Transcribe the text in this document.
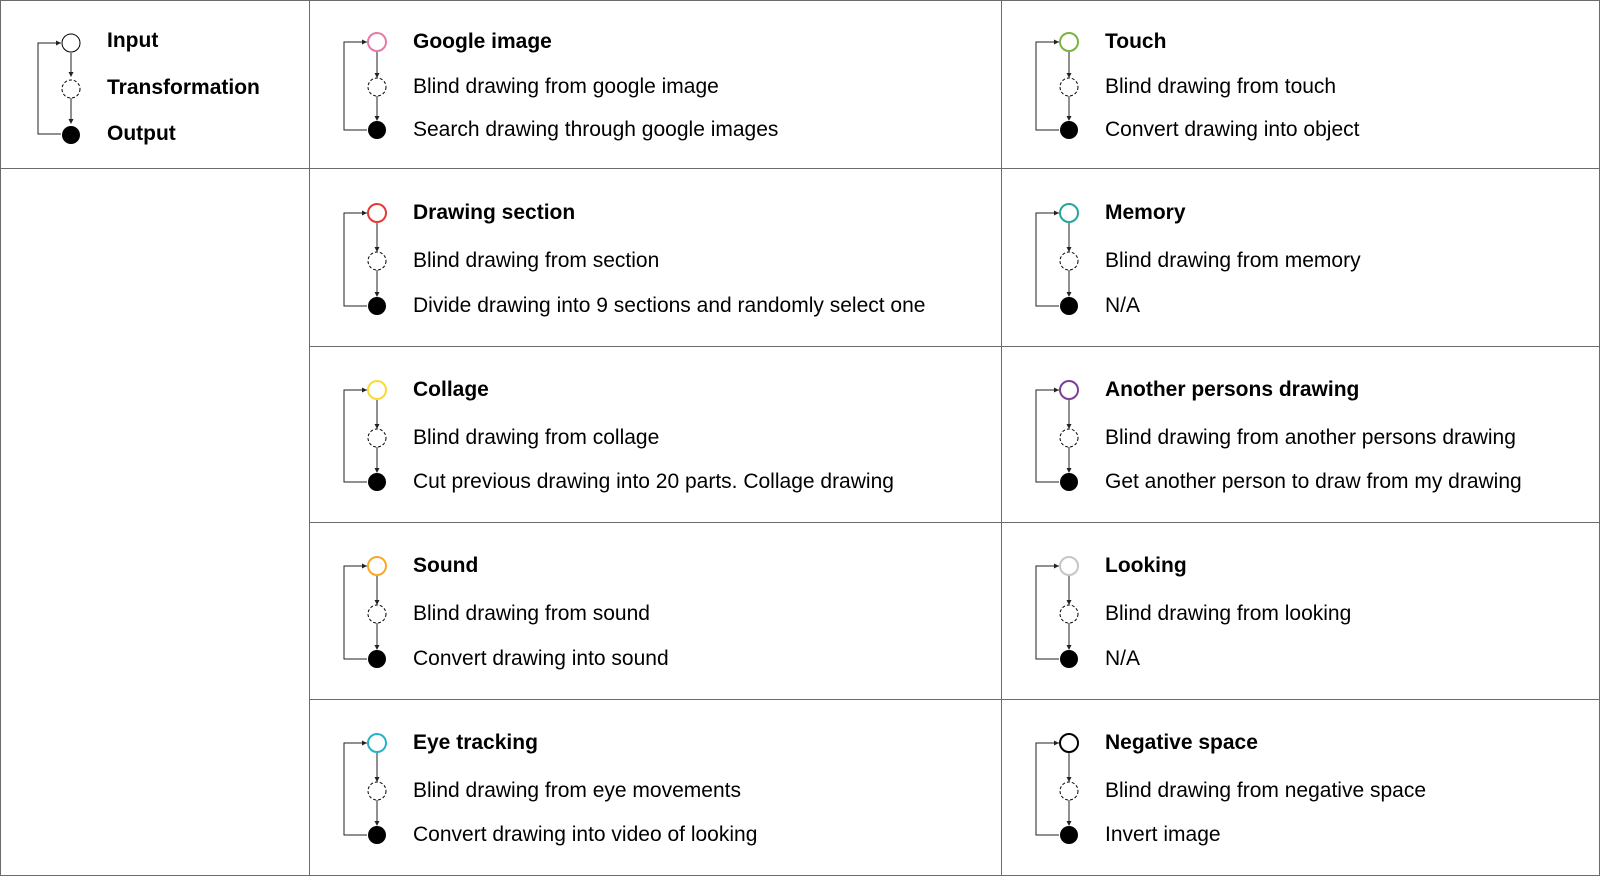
Input
Transformation
Output
Google image
Blind drawing from google image
Search drawing through google images
Touch
Blind drawing from touch
Convert drawing into object
Drawing section
Blind drawing from section
Divide drawing into 9 sections and randomly select one
Memory
Blind drawing from memory
N/A
Collage
Blind drawing from collage
Cut previous drawing into 20 parts. Collage drawing
Another persons drawing
Blind drawing from another persons drawing
Get another person to draw from my drawing
Sound
Blind drawing from sound
Convert drawing into sound
Looking
Blind drawing from looking
N/A
Eye tracking
Blind drawing from eye movements
Convert drawing into video of looking
Negative space
Blind drawing from negative space
Invert image
